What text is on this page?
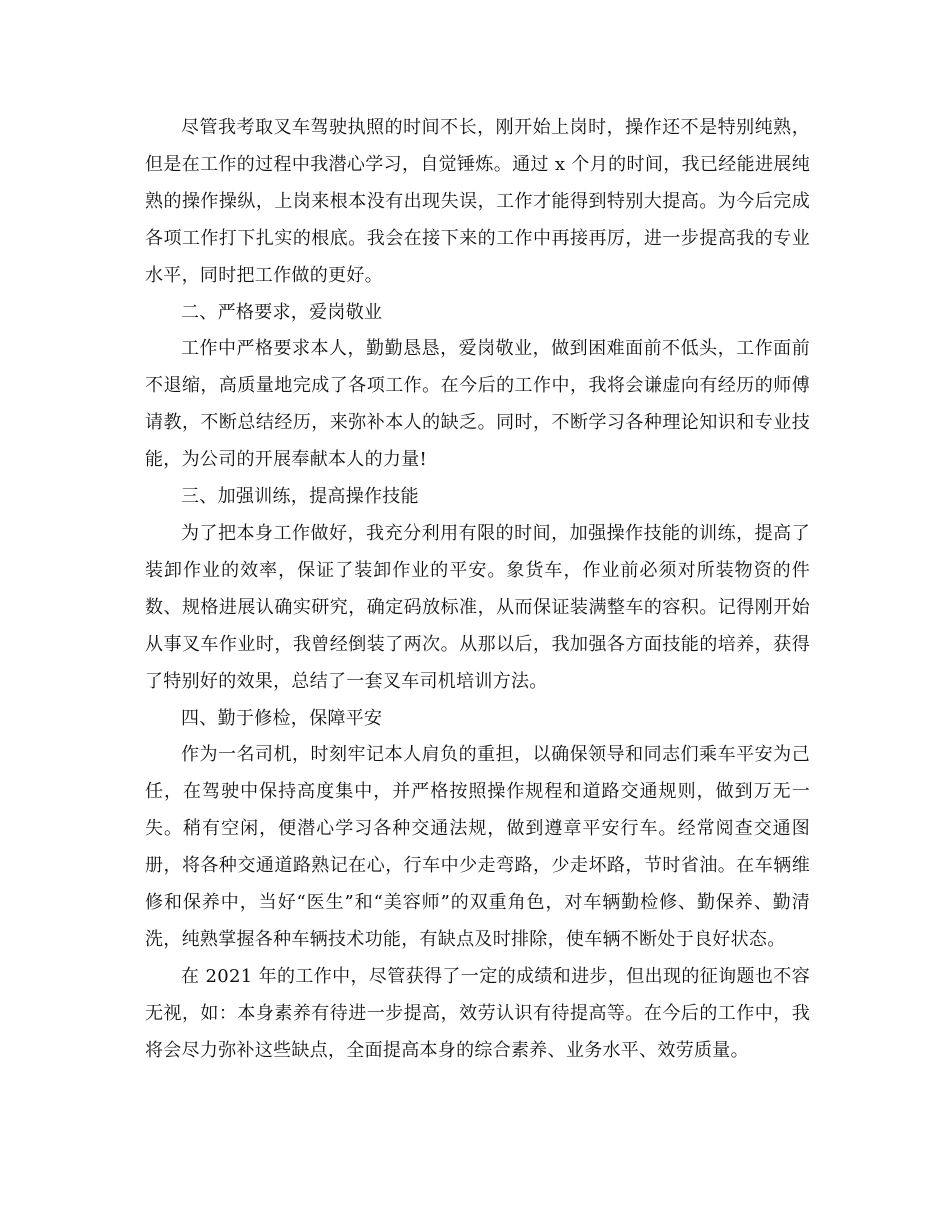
尽管我考取叉车驾驶执照的时间不长，刚开始上岗时，操作还不是特别纯熟，但是在工作的过程中我潜心学习，自觉锤炼。通过 x 个月的时间，我已经能进展纯熟的操作操纵，上岗来根本没有出现失误，工作才能得到特别大提高。为今后完成各项工作打下扎实的根底。我会在接下来的工作中再接再厉，进一步提高我的专业水平，同时把工作做的更好。

二、严格要求，爱岗敬业

工作中严格要求本人，勤勤恳恳，爱岗敬业，做到困难面前不低头，工作面前不退缩，高质量地完成了各项工作。在今后的工作中，我将会谦虚向有经历的师傅请教，不断总结经历，来弥补本人的缺乏。同时，不断学习各种理论知识和专业技能，为公司的开展奉献本人的力量!

三、加强训练，提高操作技能

为了把本身工作做好，我充分利用有限的时间，加强操作技能的训练，提高了装卸作业的效率，保证了装卸作业的平安。象货车，作业前必须对所装物资的件数、规格进展认确实研究，确定码放标准，从而保证装满整车的容积。记得刚开始从事叉车作业时，我曾经倒装了两次。从那以后，我加强各方面技能的培养，获得了特别好的效果，总结了一套叉车司机培训方法。

四、勤于修检，保障平安

作为一名司机，时刻牢记本人肩负的重担，以确保领导和同志们乘车平安为己任，在驾驶中保持高度集中，并严格按照操作规程和道路交通规则，做到万无一失。稍有空闲，便潜心学习各种交通法规，做到遵章平安行车。经常阅查交通图册，将各种交通道路熟记在心，行车中少走弯路，少走坏路，节时省油。在车辆维修和保养中，当好“医生”和“美容师”的双重角色，对车辆勤检修、勤保养、勤清洗，纯熟掌握各种车辆技术功能，有缺点及时排除，使车辆不断处于良好状态。

在 2021 年的工作中，尽管获得了一定的成绩和进步，但出现的征询题也不容无视，如：本身素养有待进一步提高，效劳认识有待提高等。在今后的工作中，我将会尽力弥补这些缺点，全面提高本身的综合素养、业务水平、效劳质量。
